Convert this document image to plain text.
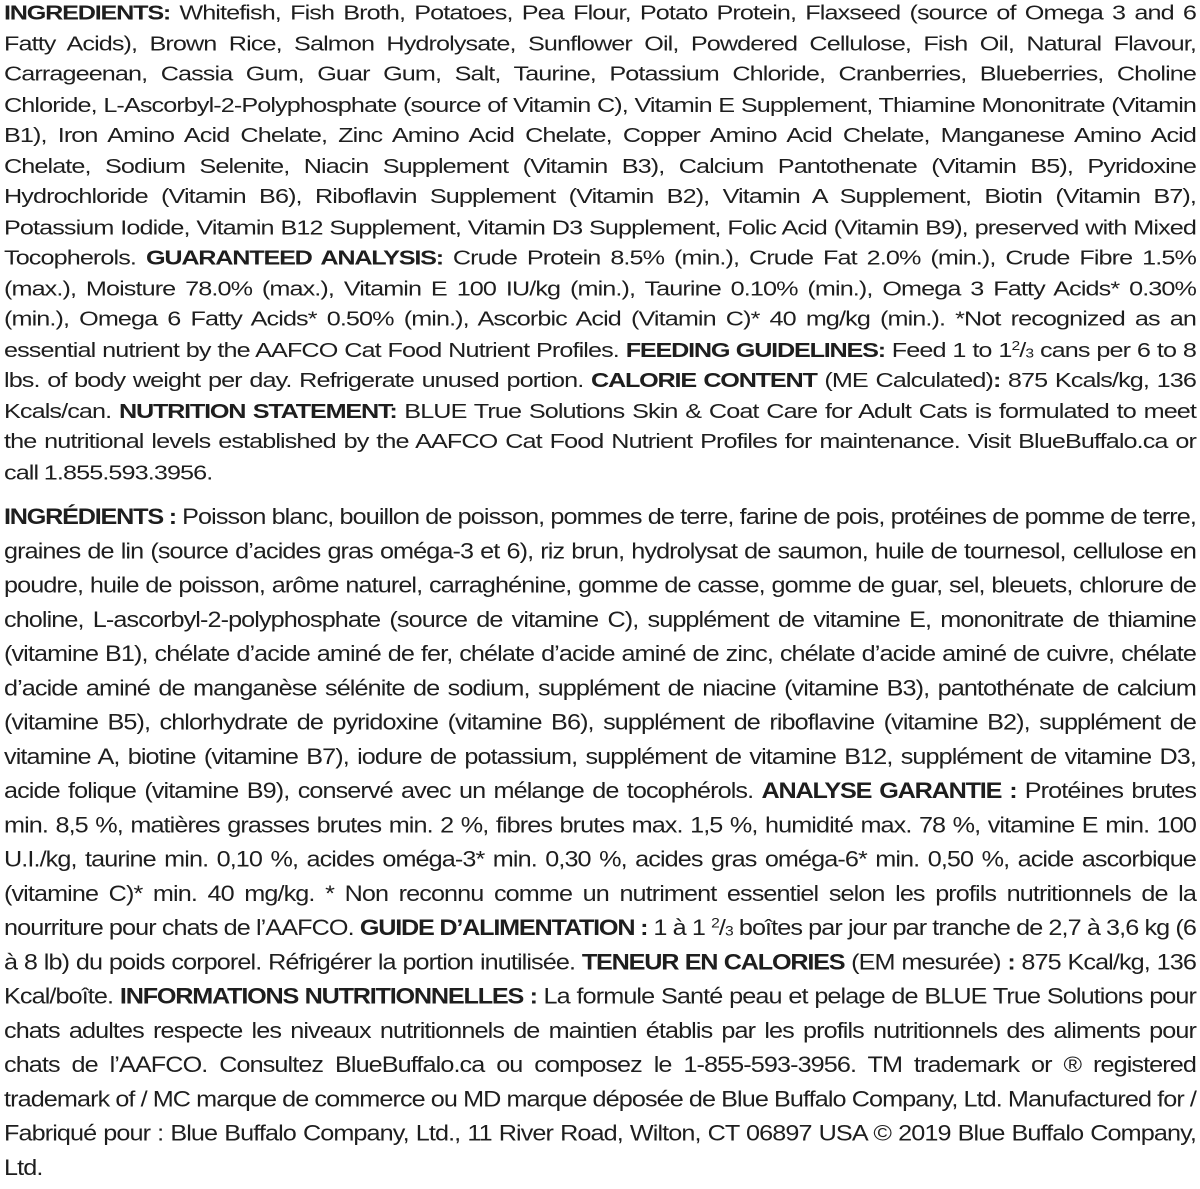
INGREDIENTS: Whitefish, Fish Broth, Potatoes, Pea Flour, Potato Protein, Flaxseed (source of Omega 3 and 6 Fatty Acids), Brown Rice, Salmon Hydrolysate, Sunflower Oil, Powdered Cellulose, Fish Oil, Natural Flavour, Carrageenan, Cassia Gum, Guar Gum, Salt, Taurine, Potassium Chloride, Cranberries, Blueberries, Choline Chloride, L-Ascorbyl-2-Polyphosphate (source of Vitamin C), Vitamin E Supplement, Thiamine Mononitrate (Vitamin B1), Iron Amino Acid Chelate, Zinc Amino Acid Chelate, Copper Amino Acid Chelate, Manganese Amino Acid Chelate, Sodium Selenite, Niacin Supplement (Vitamin B3), Calcium Pantothenate (Vitamin B5), Pyridoxine Hydrochloride (Vitamin B6), Riboflavin Supplement (Vitamin B2), Vitamin A Supplement, Biotin (Vitamin B7), Potassium Iodide, Vitamin B12 Supplement, Vitamin D3 Supplement, Folic Acid (Vitamin B9), preserved with Mixed Tocopherols. GUARANTEED ANALYSIS: Crude Protein 8.5% (min.), Crude Fat 2.0% (min.), Crude Fibre 1.5% (max.), Moisture 78.0% (max.), Vitamin E 100 IU/kg (min.), Taurine 0.10% (min.), Omega 3 Fatty Acids* 0.30% (min.), Omega 6 Fatty Acids* 0.50% (min.), Ascorbic Acid (Vitamin C)* 40 mg/kg (min.). *Not recognized as an essential nutrient by the AAFCO Cat Food Nutrient Profiles. FEEDING GUIDELINES: Feed 1 to $1^2/_3$ cans per 6 to 8 lbs. of body weight per day. Refrigerate unused portion. CALORIE CONTENT (ME Calculated): 875 Kcals/kg, 136 Kcals/can. NUTRITION STATEMENT: BLUE True Solutions Skin & Coat Care for Adult Cats is formulated to meet the nutritional levels established by the AAFCO Cat Food Nutrient Profiles for maintenance. Visit BlueBuffalo.ca or call 1.855.593.3956.
INGRÉDIENTS : Poisson blanc, bouillon de poisson, pommes de terre, farine de pois, protéines de pomme de terre, graines de lin (source d’acides gras oméga-3 et 6), riz brun, hydrolysat de saumon, huile de tournesol, cellulose en poudre, huile de poisson, arôme naturel, carraghénine, gomme de casse, gomme de guar, sel, bleuets, chlorure de choline, L-ascorbyl-2-polyphosphate (source de vitamine C), supplément de vitamine E, mononitrate de thiamine (vitamine B1), chélate d’acide aminé de fer, chélate d’acide aminé de zinc, chélate d’acide aminé de cuivre, chélate d’acide aminé de manganèse sélénite de sodium, supplément de niacine (vitamine B3), pantothénate de calcium (vitamine B5), chlorhydrate de pyridoxine (vitamine B6), supplément de riboflavine (vitamine B2), supplément de vitamine A, biotine (vitamine B7), iodure de potassium, supplément de vitamine B12, supplément de vitamine D3, acide folique (vitamine B9), conservé avec un mélange de tocophérols. ANALYSE GARANTIE : Protéines brutes min. 8,5 %, matières grasses brutes min. 2 %, fibres brutes max. 1,5 %, humidité max. 78 %, vitamine E min. 100 U.I./kg, taurine min. 0,10 %, acides oméga-3* min. 0,30 %, acides gras oméga-6* min. 0,50 %, acide ascorbique (vitamine C)* min. 40 mg/kg. * Non reconnu comme un nutriment essentiel selon les profils nutritionnels de la nourriture pour chats de l’AAFCO. GUIDE D’ALIMENTATION : 1 à 1 $^2/_3$ boîtes par jour par tranche de 2,7 à 3,6 kg (6 à 8 lb) du poids corporel. Réfrigérer la portion inutilisée. TENEUR EN CALORIES (EM mesurée) : 875 Kcal/kg, 136 Kcal/boîte. INFORMATIONS NUTRITIONNELLES : La formule Santé peau et pelage de BLUE True Solutions pour chats adultes respecte les niveaux nutritionnels de maintien établis par les profils nutritionnels des aliments pour chats de l’AAFCO. Consultez BlueBuffalo.ca ou composez le 1-855-593-3956. TM trademark or ® registered trademark of / MC marque de commerce ou MD marque déposée de Blue Buffalo Company, Ltd. Manufactured for / Fabriqué pour : Blue Buffalo Company, Ltd., 11 River Road, Wilton, CT 06897 USA © 2019 Blue Buffalo Company, Ltd.
